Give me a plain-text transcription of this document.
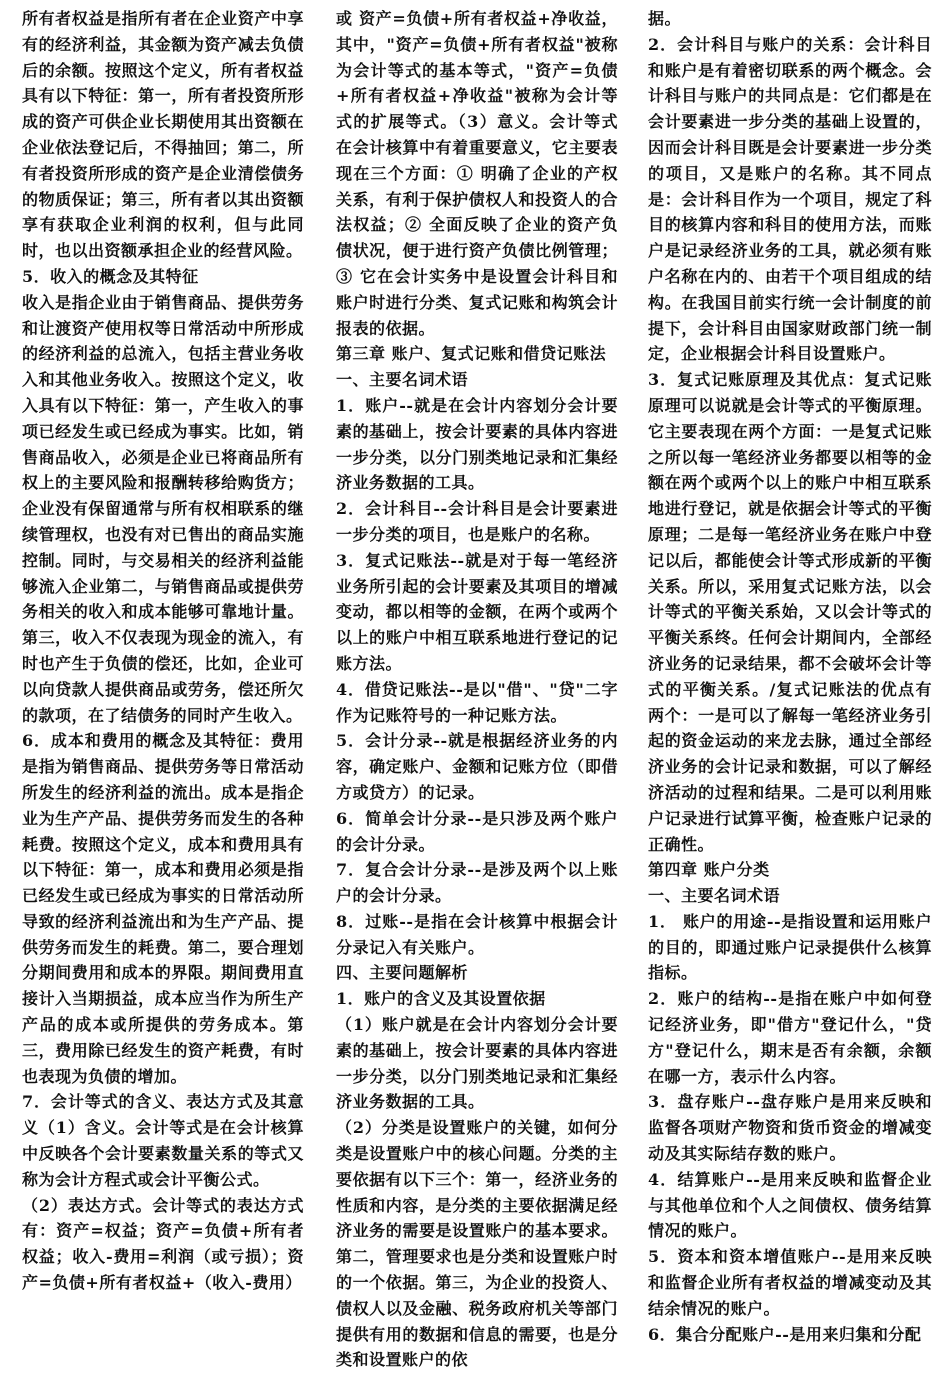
所有者权益是指所有者在企业资产中享有的经济利益，其金额为资产减去负债后的余额。按照这个定义，所有者权益具有以下特征：第一，所有者投资所形成的资产可供企业长期使用其出资额在企业依法登记后，不得抽回；第二，所有者投资所形成的资产是企业清偿债务的物质保证；第三，所有者以其出资额享有获取企业利润的权利，但与此同时，也以出资额承担企业的经营风险。

5．收入的概念及其特征

收入是指企业由于销售商品、提供劳务和让渡资产使用权等日常活动中所形成的经济利益的总流入，包括主营业务收入和其他业务收入。按照这个定义，收入具有以下特征：第一，产生收入的事项已经发生或已经成为事实。比如，销售商品收入，必须是企业已将商品所有权上的主要风险和报酬转移给购货方；企业没有保留通常与所有权相联系的继续管理权，也没有对已售出的商品实施控制。同时，与交易相关的经济利益能够流入企业第二，与销售商品或提供劳务相关的收入和成本能够可靠地计量。第三，收入不仅表现为现金的流入，有时也产生于负债的偿还，比如，企业可以向贷款人提供商品或劳务，偿还所欠的款项，在了结债务的同时产生收入。

6．成本和费用的概念及其特征：费用是指为销售商品、提供劳务等日常活动所发生的经济利益的流出。成本是指企业为生产产品、提供劳务而发生的各种耗费。按照这个定义，成本和费用具有以下特征：第一，成本和费用必须是指已经发生或已经成为事实的日常活动所导致的经济利益流出和为生产产品、提供劳务而发生的耗费。第二，要合理划分期间费用和成本的界限。期间费用直接计入当期损益，成本应当作为所生产产品的成本或所提供的劳务成本。第三，费用除已经发生的资产耗费，有时也表现为负债的增加。

7．会计等式的含义、表达方式及其意义（1）含义。会计等式是在会计核算中反映各个会计要素数量关系的等式又称为会计方程式或会计平衡公式。

（2）表达方式。会计等式的表达方式有：资产=权益；资产=负债+所有者权益；收入-费用=利润（或亏损）；资产=负债+所有者权益+（收入-费用）

或 资产=负债+所有者权益+净收益，其中，"资产=负债+所有者权益"被称为会计等式的基本等式，"资产=负债+所有者权益+净收益"被称为会计等式的扩展等式。（3）意义。会计等式在会计核算中有着重要意义，它主要表现在三个方面：① 明确了企业的产权关系，有利于保护债权人和投资人的合法权益；② 全面反映了企业的资产负债状况，便于进行资产负债比例管理；③ 它在会计实务中是设置会计科目和账户时进行分类、复式记账和构筑会计报表的依据。

第三章 账户、复式记账和借贷记账法

一、主要名词术语

1．账户--就是在会计内容划分会计要素的基础上，按会计要素的具体内容进一步分类，以分门别类地记录和汇集经济业务数据的工具。

2．会计科目--会计科目是会计要素进一步分类的项目，也是账户的名称。

3．复式记账法--就是对于每一笔经济业务所引起的会计要素及其项目的增减变动，都以相等的金额，在两个或两个以上的账户中相互联系地进行登记的记账方法。

4．借贷记账法--是以"借"、"贷"二字作为记账符号的一种记账方法。

5．会计分录--就是根据经济业务的内容，确定账户、金额和记账方位（即借方或贷方）的记录。

6．简单会计分录--是只涉及两个账户的会计分录。

7．复合会计分录--是涉及两个以上账户的会计分录。

8．过账--是指在会计核算中根据会计分录记入有关账户。

四、主要问题解析

1．账户的含义及其设置依据

（1）账户就是在会计内容划分会计要素的基础上，按会计要素的具体内容进一步分类，以分门别类地记录和汇集经济业务数据的工具。

（2）分类是设置账户的关键，如何分类是设置账户中的核心问题。分类的主要依据有以下三个：第一，经济业务的性质和内容，是分类的主要依据满足经济业务的需要是设置账户的基本要求。第二，管理要求也是分类和设置账户时的一个依据。第三，为企业的投资人、债权人以及金融、税务政府机关等部门提供有用的数据和信息的需要，也是分类和设置账户的依

据。

2．会计科目与账户的关系：会计科目和账户是有着密切联系的两个概念。会计科目与账户的共同点是：它们都是在会计要素进一步分类的基础上设置的，因而会计科目既是会计要素进一步分类的项目，又是账户的名称。其不同点是：会计科目作为一个项目，规定了科目的核算内容和科目的使用方法，而账户是记录经济业务的工具，就必须有账户名称在内的、由若干个项目组成的结构。在我国目前实行统一会计制度的前提下，会计科目由国家财政部门统一制定，企业根据会计科目设置账户。

3．复式记账原理及其优点：复式记账原理可以说就是会计等式的平衡原理。它主要表现在两个方面：一是复式记账之所以每一笔经济业务都要以相等的金额在两个或两个以上的账户中相互联系地进行登记，就是依据会计等式的平衡原理；二是每一笔经济业务在账户中登记以后，都能使会计等式形成新的平衡关系。所以，采用复式记账方法，以会计等式的平衡关系始，又以会计等式的平衡关系终。任何会计期间内，全部经济业务的记录结果，都不会破坏会计等式的平衡关系。/复式记账法的优点有两个：一是可以了解每一笔经济业务引起的资金运动的来龙去脉，通过全部经济业务的会计记录和数据，可以了解经济活动的过程和结果。二是可以利用账户记录进行试算平衡，检查账户记录的正确性。

第四章 账户分类

一、主要名词术语

1． 账户的用途--是指设置和运用账户的目的，即通过账户记录提供什么核算指标。

2．账户的结构--是指在账户中如何登记经济业务，即"借方"登记什么，"贷方"登记什么，期末是否有余额，余额在哪一方，表示什么内容。

3．盘存账户--盘存账户是用来反映和监督各项财产物资和货币资金的增减变动及其实际结存数的账户。

4．结算账户--是用来反映和监督企业与其他单位和个人之间债权、债务结算情况的账户。

5．资本和资本增值账户--是用来反映和监督企业所有者权益的增减变动及其结余情况的账户。

6．集合分配账户--是用来归集和分配
